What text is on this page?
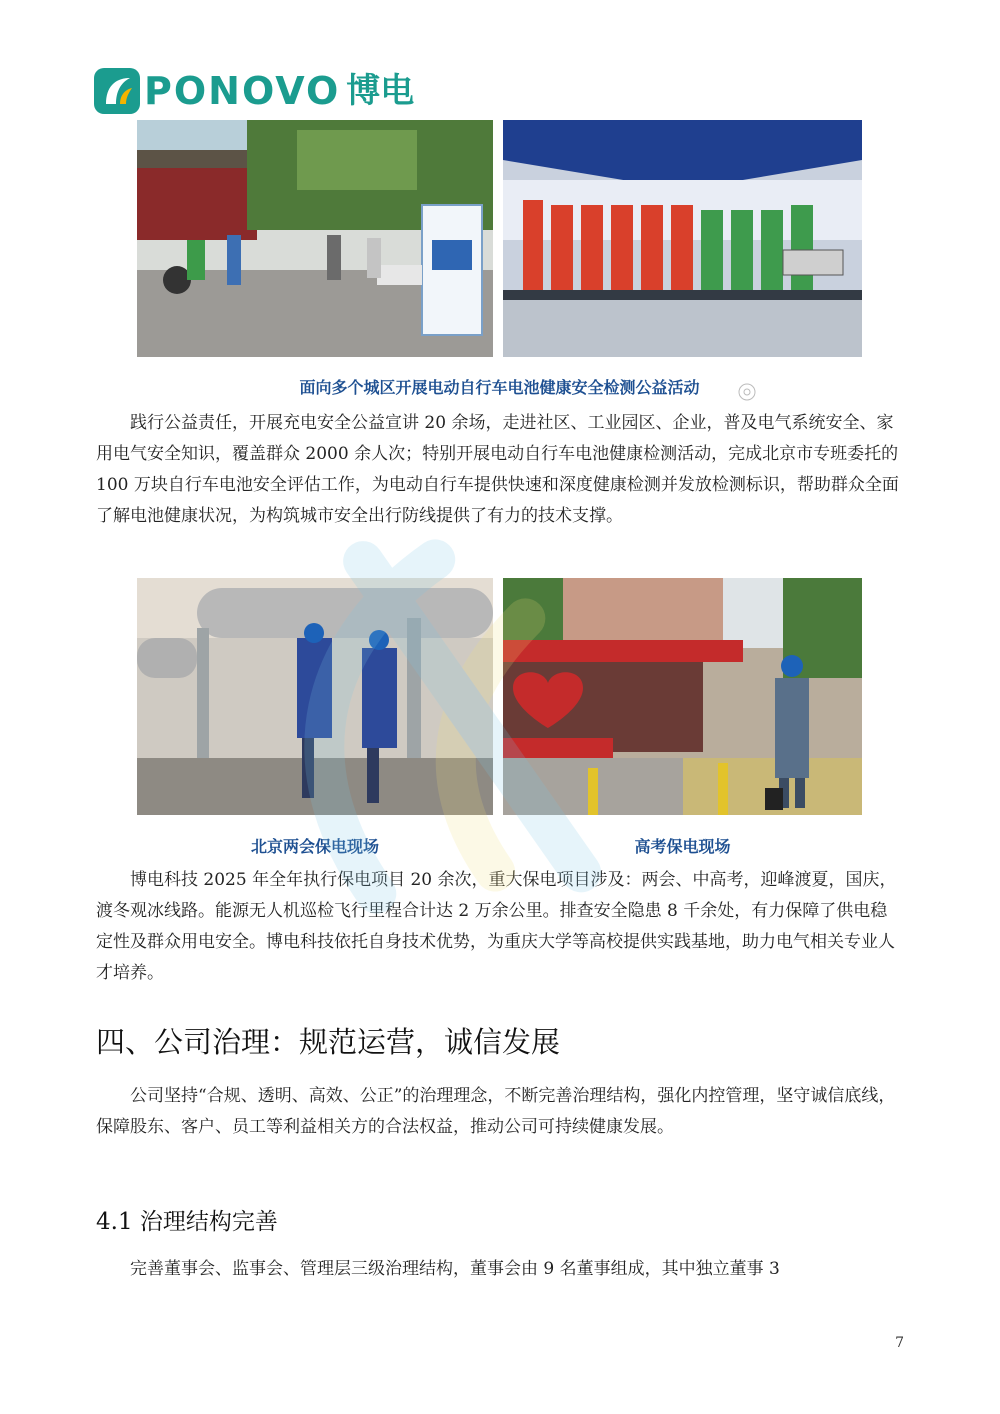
PONOVO 博电
面向多个城区开展电动自行车电池健康安全检测公益活动

践行公益责任，开展充电安全公益宣讲 20 余场，走进社区、工业园区、企业，普及电气系统安全、家用电气安全知识，覆盖群众 2000 余人次；特别开展电动自行车电池健康检测活动，完成北京市专班委托的 100 万块自行车电池安全评估工作，为电动自行车提供快速和深度健康检测并发放检测标识，帮助群众全面了解电池健康状况，为构筑城市安全出行防线提供了有力的技术支撑。

北京两会保电现场	高考保电现场

博电科技 2025 年全年执行保电项目 20 余次，重大保电项目涉及：两会、中高考，迎峰渡夏，国庆，渡冬观冰线路。能源无人机巡检飞行里程合计达 2 万余公里。排查安全隐患 8 千余处，有力保障了供电稳定性及群众用电安全。博电科技依托自身技术优势，为重庆大学等高校提供实践基地，助力电气相关专业人才培养。

四、公司治理：规范运营，诚信发展

公司坚持“合规、透明、高效、公正”的治理理念，不断完善治理结构，强化内控管理，坚守诚信底线，保障股东、客户、员工等利益相关方的合法权益，推动公司可持续健康发展。

4.1 治理结构完善

完善董事会、监事会、管理层三级治理结构，董事会由 9 名董事组成，其中独立董事 3

7
